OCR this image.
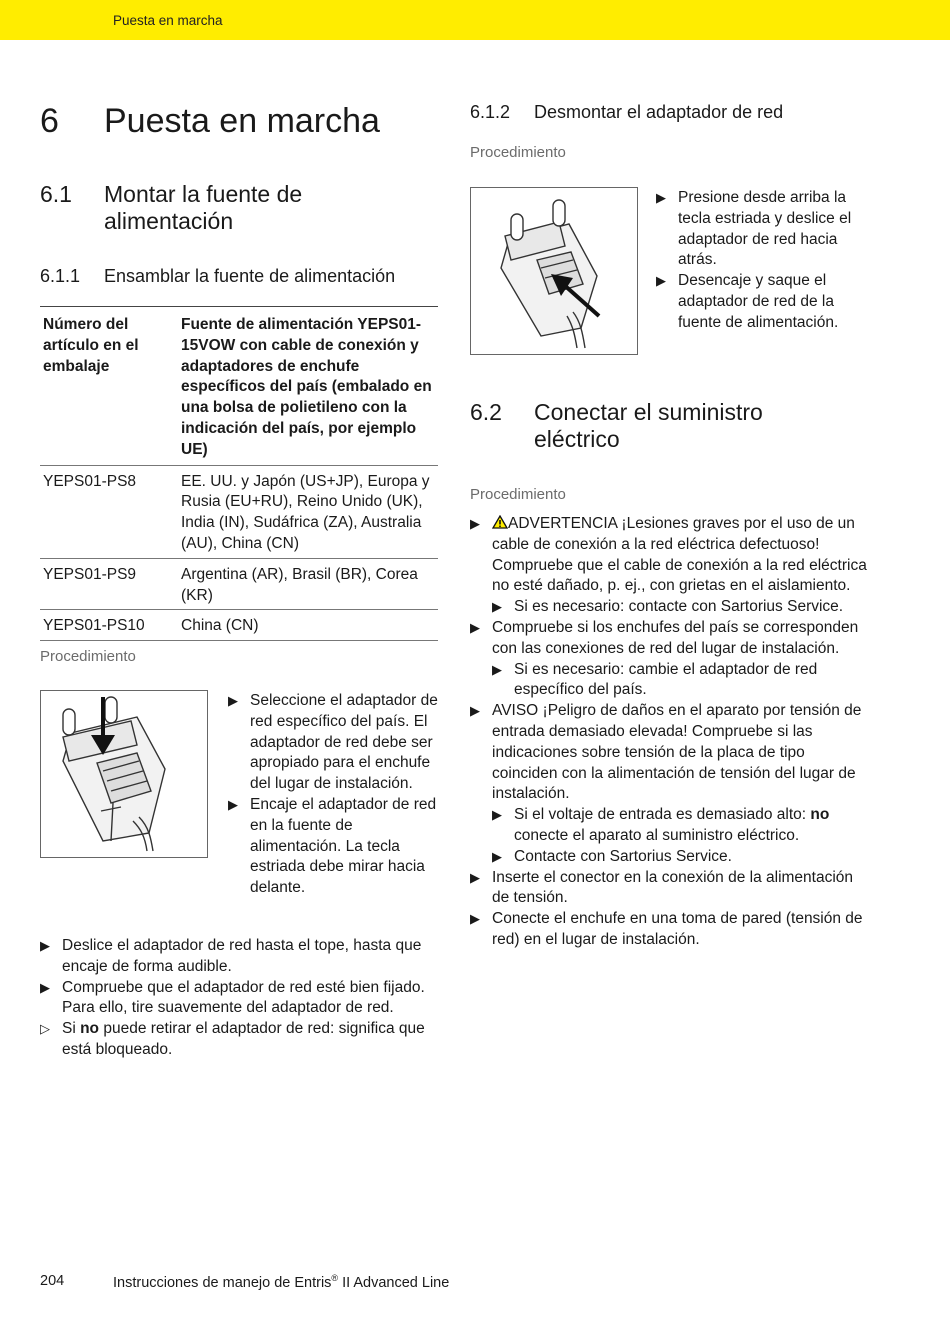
Puesta en marcha
6 Puesta en marcha
6.1 Montar la fuente de
alimentación
6.1.1 Ensamblar la fuente de alimentación
Número del artículo en el embalaje	Fuente de alimentación YEPS01-15VOW con cable de conexión y adaptadores de enchufe específicos del país (embalado en una bolsa de polietileno con la indicación del país, por ejemplo UE)
YEPS01-PS8	EE. UU. y Japón (US+JP), Europa y Rusia (EU+RU), Reino Unido (UK), India (IN), Sudáfrica (ZA), Australia (AU), China (CN)
YEPS01-PS9	Argentina (AR), Brasil (BR), Corea (KR)
YEPS01-PS10	China (CN)
Procedimiento
▶ Seleccione el adaptador de red específico del país. El adaptador de red debe ser apropiado para el enchufe del lugar de instalación.
▶ Encaje el adaptador de red en la fuente de alimentación. La tecla estriada debe mirar hacia delante.
▶ Deslice el adaptador de red hasta el tope, hasta que encaje de forma audible.
▶ Compruebe que el adaptador de red esté bien fijado. Para ello, tire suavemente del adaptador de red.
▷ Si no puede retirar el adaptador de red: significa que está bloqueado.
6.1.2 Desmontar el adaptador de red
Procedimiento
▶ Presione desde arriba la tecla estriada y deslice el adaptador de red hacia atrás.
▶ Desencaje y saque el adaptador de red de la fuente de alimentación.
6.2 Conectar el suministro
eléctrico
Procedimiento
▶ ADVERTENCIA ¡Lesiones graves por el uso de un cable de conexión a la red eléctrica defectuoso! Compruebe que el cable de conexión a la red eléctrica no esté dañado, p. ej., con grietas en el aislamiento.
▶ Si es necesario: contacte con Sartorius Service.
▶ Compruebe si los enchufes del país se corresponden con las conexiones de red del lugar de instalación.
▶ Si es necesario: cambie el adaptador de red específico del país.
▶ AVISO ¡Peligro de daños en el aparato por tensión de entrada demasiado elevada! Compruebe si las indicaciones sobre tensión de la placa de tipo coinciden con la alimentación de tensión del lugar de instalación.
▶ Si el voltaje de entrada es demasiado alto: no conecte el aparato al suministro eléctrico.
▶ Contacte con Sartorius Service.
▶ Inserte el conector en la conexión de la alimentación de tensión.
▶ Conecte el enchufe en una toma de pared (tensión de red) en el lugar de instalación.
204	Instrucciones de manejo de Entris® II Advanced Line
